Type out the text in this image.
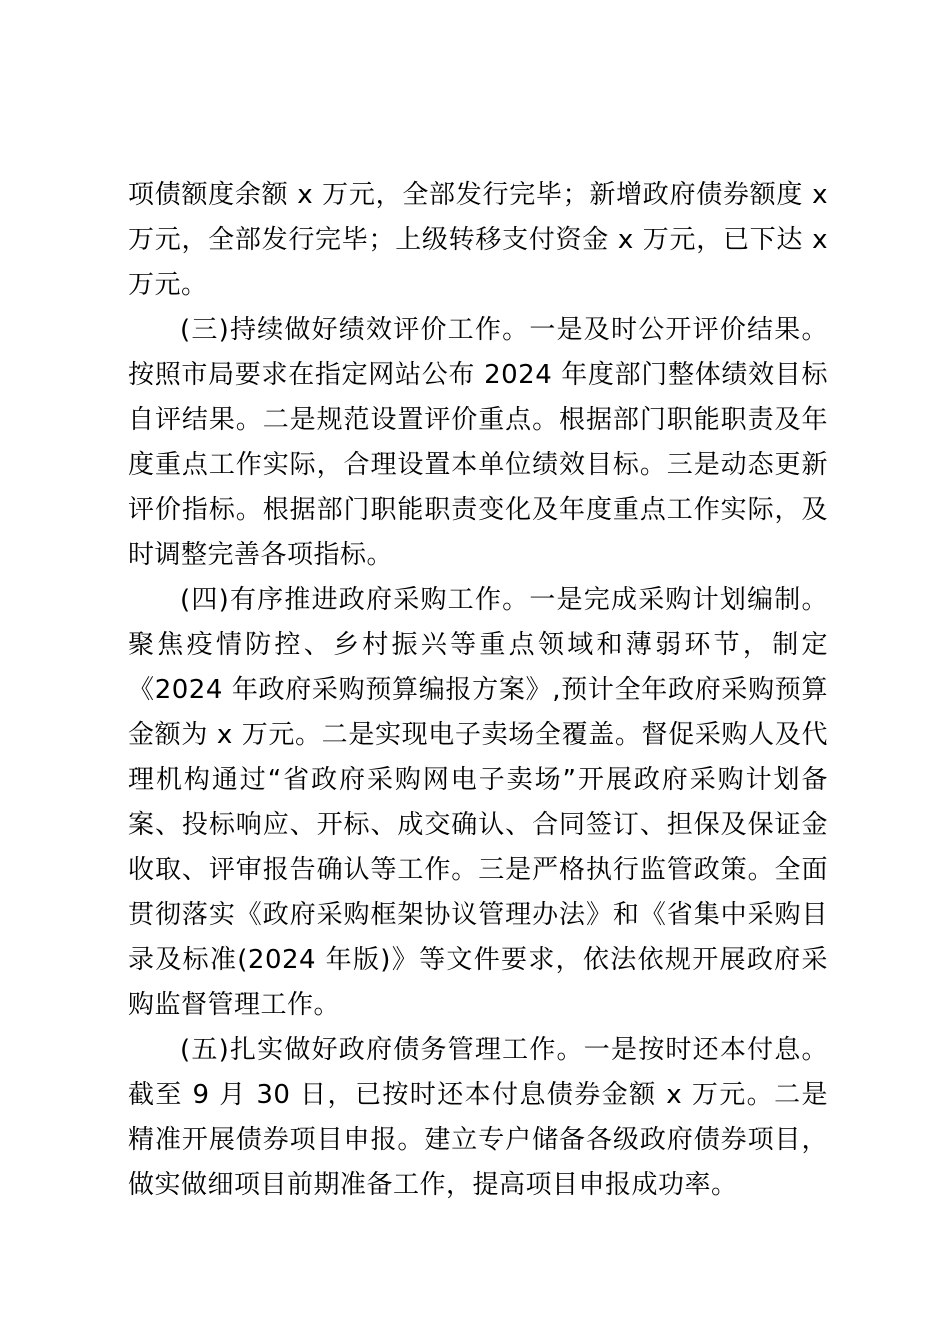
项债额度余额 x 万元，全部发行完毕；新增政府债券额度 x 万元，全部发行完毕；上级转移支付资金 x 万元，已下达 x 万元。

(三)持续做好绩效评价工作。一是及时公开评价结果。按照市局要求在指定网站公布 2024 年度部门整体绩效目标自评结果。二是规范设置评价重点。根据部门职能职责及年度重点工作实际，合理设置本单位绩效目标。三是动态更新评价指标。根据部门职能职责变化及年度重点工作实际，及时调整完善各项指标。

(四)有序推进政府采购工作。一是完成采购计划编制。聚焦疫情防控、乡村振兴等重点领域和薄弱环节，制定《2024 年政府采购预算编报方案》,预计全年政府采购预算金额为 x 万元。二是实现电子卖场全覆盖。督促采购人及代理机构通过“省政府采购网电子卖场”开展政府采购计划备案、投标响应、开标、成交确认、合同签订、担保及保证金收取、评审报告确认等工作。三是严格执行监管政策。全面贯彻落实《政府采购框架协议管理办法》和《省集中采购目录及标准(2024 年版)》等文件要求，依法依规开展政府采购监督管理工作。

(五)扎实做好政府债务管理工作。一是按时还本付息。截至 9 月 30 日，已按时还本付息债券金额 x 万元。二是精准开展债券项目申报。建立专户储备各级政府债券项目，做实做细项目前期准备工作，提高项目申报成功率。
